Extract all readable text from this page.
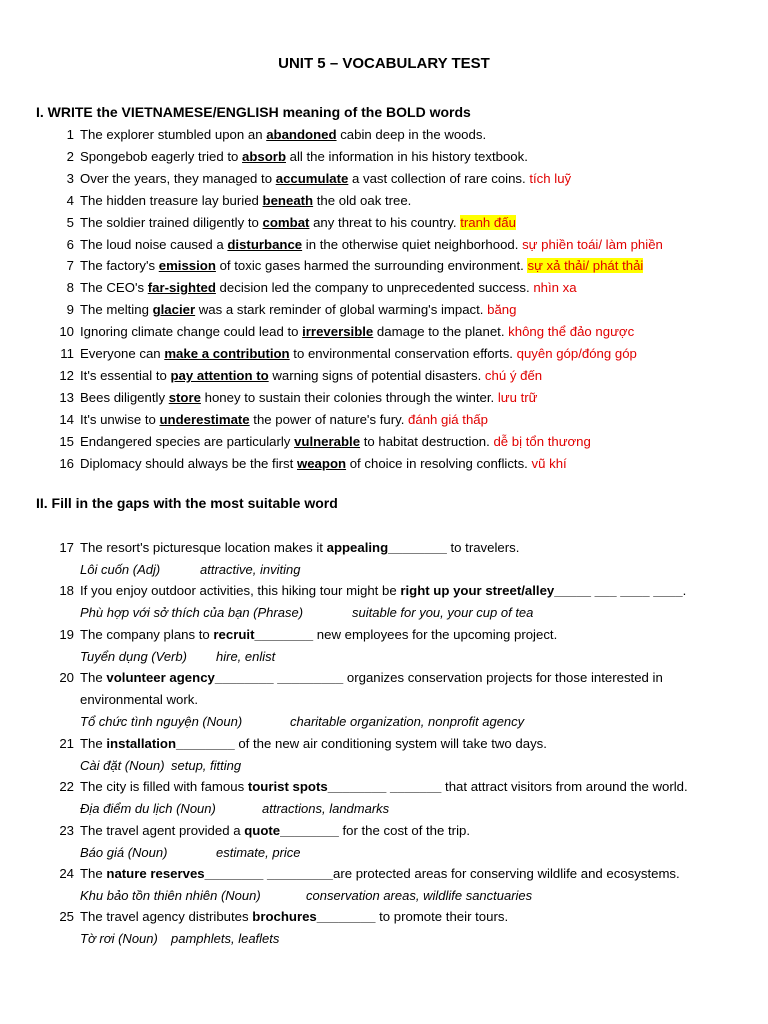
UNIT 5 – VOCABULARY TEST
I. WRITE the VIETNAMESE/ENGLISH meaning of the BOLD words
1 The explorer stumbled upon an abandoned cabin deep in the woods.
2 Spongebob eagerly tried to absorb all the information in his history textbook.
3 Over the years, they managed to accumulate a vast collection of rare coins. tích luỹ
4 The hidden treasure lay buried beneath the old oak tree.
5 The soldier trained diligently to combat any threat to his country. tranh đấu
6 The loud noise caused a disturbance in the otherwise quiet neighborhood. sự phiền toái/ làm phiền
7 The factory's emission of toxic gases harmed the surrounding environment. sự xả thải/ phát thải
8 The CEO's far-sighted decision led the company to unprecedented success. nhìn xa
9 The melting glacier was a stark reminder of global warming's impact. băng
10 Ignoring climate change could lead to irreversible damage to the planet. không thể đảo ngược
11 Everyone can make a contribution to environmental conservation efforts. quyên góp/đóng góp
12 It's essential to pay attention to warning signs of potential disasters. chú ý đến
13 Bees diligently store honey to sustain their colonies through the winter. lưu trữ
14 It's unwise to underestimate the power of nature's fury. đánh giá thấp
15 Endangered species are particularly vulnerable to habitat destruction. dễ bị tổn thương
16 Diplomacy should always be the first weapon of choice in resolving conflicts. vũ khí
II. Fill in the gaps with the most suitable word
17 The resort's picturesque location makes it appealing________ to travelers.
Lôi cuốn (Adj)	attractive, inviting
18 If you enjoy outdoor activities, this hiking tour might be right up your street/alley_____ ___ ____ ____.
Phù hợp với sở thích của bạn (Phrase)	suitable for you, your cup of tea
19 The company plans to recruit________ new employees for the upcoming project.
Tuyển dụng (Verb) hire, enlist
20 The volunteer agency________ _________ organizes conservation projects for those interested in
environmental work.
Tổ chức tình nguyện (Noun)	charitable organization, nonprofit agency
21 The installation________ of the new air conditioning system will take two days.
Cài đặt (Noun) setup, fitting
22 The city is filled with famous tourist spots________ _______ that attract visitors from around the world.
Địa điểm du lịch (Noun)	attractions, landmarks
23 The travel agent provided a quote________ for the cost of the trip.
Báo giá (Noun)	estimate, price
24 The nature reserves________ _________are protected areas for conserving wildlife and ecosystems.
Khu bảo tồn thiên nhiên (Noun)	conservation areas, wildlife sanctuaries
25 The travel agency distributes brochures________ to promote their tours.
Tờ rơi (Noun) pamphlets, leaflets
